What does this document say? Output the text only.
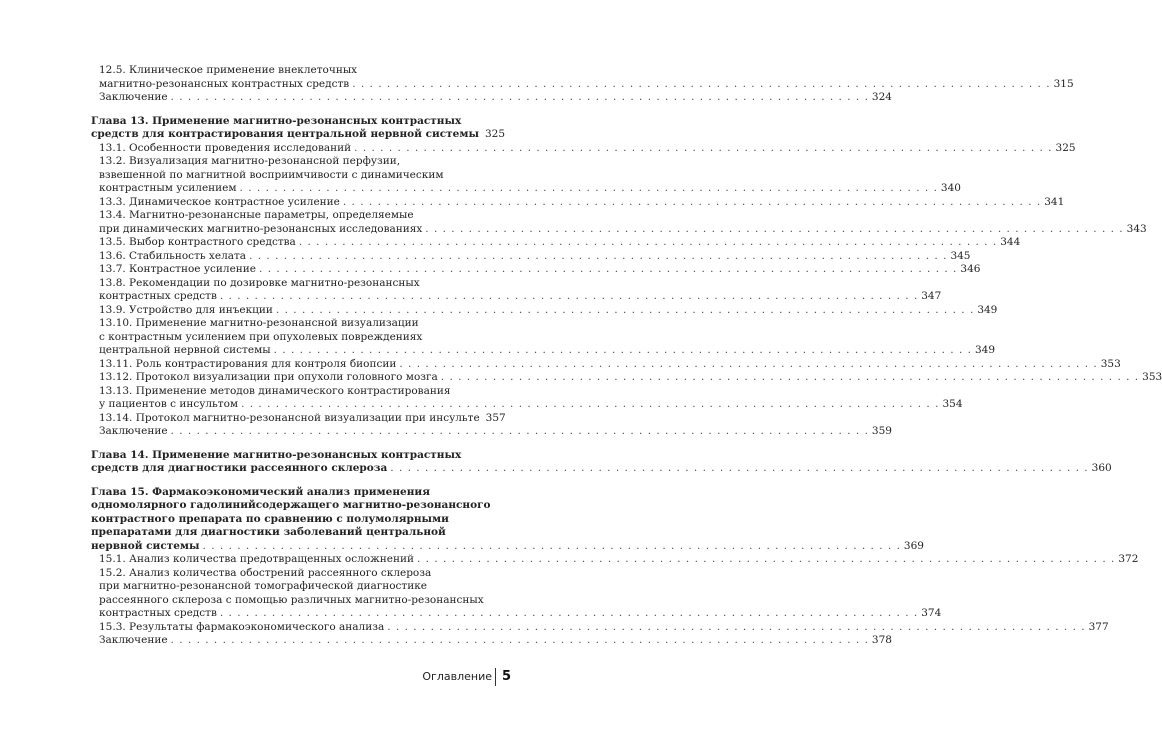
12.5. Клиническое применение внеклеточных
магнитно-резонансных контрастных средств . . . . . . . . . . . . . . . . . . . . . . . . . . . . . . . . . . . . . . . . . . . . . . . . . . . . . . . . . . . . . . . . . . . . . . . . . . . . . . . . . 315
Заключение . . . . . . . . . . . . . . . . . . . . . . . . . . . . . . . . . . . . . . . . . . . . . . . . . . . . . . . . . . . . . . . . . . . . . . . . . . . . . . . . . 324
Глава 13. Применение магнитно-резонансных контрастных
средств для контрастирования центральной нервной системы 325
13.1. Особенности проведения исследований . . . . . . . . . . . . . . . . . . . . . . . . . . . . . . . . . . . . . . . . . . . . . . . . . . . . . . . . . . . . . . . . . . . . . . . . . . . . . . . . . 325
13.2. Визуализация магнитно-резонансной перфузии,
взвешенной по магнитной восприимчивости с динамическим
контрастным усилением . . . . . . . . . . . . . . . . . . . . . . . . . . . . . . . . . . . . . . . . . . . . . . . . . . . . . . . . . . . . . . . . . . . . . . . . . . . . . . . . . 340
13.3. Динамическое контрастное усиление . . . . . . . . . . . . . . . . . . . . . . . . . . . . . . . . . . . . . . . . . . . . . . . . . . . . . . . . . . . . . . . . . . . . . . . . . . . . . . . . . 341
13.4. Магнитно-резонансные параметры, определяемые
при динамических магнитно-резонансных исследованиях . . . . . . . . . . . . . . . . . . . . . . . . . . . . . . . . . . . . . . . . . . . . . . . . . . . . . . . . . . . . . . . . . . . . . . . . . . . . . . . . . 343
13.5. Выбор контрастного средства . . . . . . . . . . . . . . . . . . . . . . . . . . . . . . . . . . . . . . . . . . . . . . . . . . . . . . . . . . . . . . . . . . . . . . . . . . . . . . . . . 344
13.6. Стабильность хелата . . . . . . . . . . . . . . . . . . . . . . . . . . . . . . . . . . . . . . . . . . . . . . . . . . . . . . . . . . . . . . . . . . . . . . . . . . . . . . . . . 345
13.7. Контрастное усиление . . . . . . . . . . . . . . . . . . . . . . . . . . . . . . . . . . . . . . . . . . . . . . . . . . . . . . . . . . . . . . . . . . . . . . . . . . . . . . . . . 346
13.8. Рекомендации по дозировке магнитно-резонансных
контрастных средств . . . . . . . . . . . . . . . . . . . . . . . . . . . . . . . . . . . . . . . . . . . . . . . . . . . . . . . . . . . . . . . . . . . . . . . . . . . . . . . . . 347
13.9. Устройство для инъекции . . . . . . . . . . . . . . . . . . . . . . . . . . . . . . . . . . . . . . . . . . . . . . . . . . . . . . . . . . . . . . . . . . . . . . . . . . . . . . . . . 349
13.10. Применение магнитно-резонансной визуализации
с контрастным усилением при опухолевых повреждениях
центральной нервной системы . . . . . . . . . . . . . . . . . . . . . . . . . . . . . . . . . . . . . . . . . . . . . . . . . . . . . . . . . . . . . . . . . . . . . . . . . . . . . . . . . 349
13.11. Роль контрастирования для контроля биопсии . . . . . . . . . . . . . . . . . . . . . . . . . . . . . . . . . . . . . . . . . . . . . . . . . . . . . . . . . . . . . . . . . . . . . . . . . . . . . . . . . 353
13.12. Протокол визуализации при опухоли головного мозга . . . . . . . . . . . . . . . . . . . . . . . . . . . . . . . . . . . . . . . . . . . . . . . . . . . . . . . . . . . . . . . . . . . . . . . . . . . . . . . . . 353
13.13. Применение методов динамического контрастирования
у пациентов с инсультом . . . . . . . . . . . . . . . . . . . . . . . . . . . . . . . . . . . . . . . . . . . . . . . . . . . . . . . . . . . . . . . . . . . . . . . . . . . . . . . . . 354
13.14. Протокол магнитно-резонансной визуализации при инсульте 357
Заключение . . . . . . . . . . . . . . . . . . . . . . . . . . . . . . . . . . . . . . . . . . . . . . . . . . . . . . . . . . . . . . . . . . . . . . . . . . . . . . . . . 359
Глава 14. Применение магнитно-резонансных контрастных
средств для диагностики рассеянного склероза . . . . . . . . . . . . . . . . . . . . . . . . . . . . . . . . . . . . . . . . . . . . . . . . . . . . . . . . . . . . . . . . . . . . . . . . . . . . . . . . . 360
Глава 15. Фармакоэкономический анализ применения
одномолярного гадолинийсодержащего магнитно-резонансного
контрастного препарата по сравнению с полумолярными
препаратами для диагностики заболеваний центральной
нервной системы . . . . . . . . . . . . . . . . . . . . . . . . . . . . . . . . . . . . . . . . . . . . . . . . . . . . . . . . . . . . . . . . . . . . . . . . . . . . . . . . . 369
15.1. Анализ количества предотвращенных осложнений . . . . . . . . . . . . . . . . . . . . . . . . . . . . . . . . . . . . . . . . . . . . . . . . . . . . . . . . . . . . . . . . . . . . . . . . . . . . . . . . . 372
15.2. Анализ количества обострений рассеянного склероза
при магнитно-резонансной томографической диагностике
рассеянного склероза с помощью различных магнитно-резонансных
контрастных средств . . . . . . . . . . . . . . . . . . . . . . . . . . . . . . . . . . . . . . . . . . . . . . . . . . . . . . . . . . . . . . . . . . . . . . . . . . . . . . . . . 374
15.3. Результаты фармакоэкономического анализа . . . . . . . . . . . . . . . . . . . . . . . . . . . . . . . . . . . . . . . . . . . . . . . . . . . . . . . . . . . . . . . . . . . . . . . . . . . . . . . . . 377
Заключение . . . . . . . . . . . . . . . . . . . . . . . . . . . . . . . . . . . . . . . . . . . . . . . . . . . . . . . . . . . . . . . . . . . . . . . . . . . . . . . . . 378
Оглавление 5
